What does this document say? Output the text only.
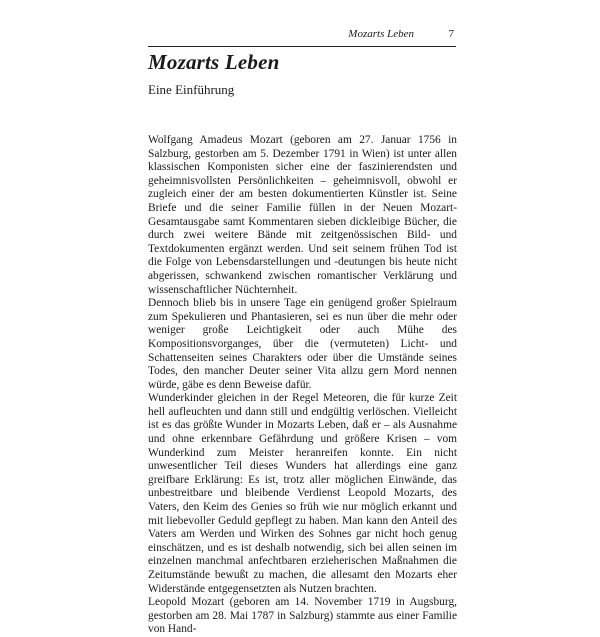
Mozarts Leben	7
Mozarts Leben
Eine Einführung

Wolfgang Amadeus Mozart (geboren am 27. Januar 1756 in Salzburg, gestorben am 5. Dezember 1791 in Wien) ist unter allen klassischen Komponisten sicher eine der faszinierendsten und geheimnisvollsten Persönlichkeiten – geheimnisvoll, obwohl er zugleich einer der am besten dokumentierten Künstler ist. Seine Briefe und die seiner Familie füllen in der Neuen Mozart-Gesamtausgabe samt Kommentaren sieben dickleibige Bücher, die durch zwei weitere Bände mit zeitgenössischen Bild- und Textdokumenten ergänzt werden. Und seit seinem frühen Tod ist die Folge von Lebensdarstellungen und -deutungen bis heute nicht abgerissen, schwankend zwischen romantischer Verklärung und wissenschaftlicher Nüchternheit.

Dennoch blieb bis in unsere Tage ein genügend großer Spielraum zum Spekulieren und Phantasieren, sei es nun über die mehr oder weniger große Leichtigkeit oder auch Mühe des Kompositionsvorganges, über die (vermuteten) Licht- und Schattenseiten seines Charakters oder über die Umstände seines Todes, den mancher Deuter seiner Vita allzu gern Mord nennen würde, gäbe es denn Beweise dafür.

Wunderkinder gleichen in der Regel Meteoren, die für kurze Zeit hell aufleuchten und dann still und endgültig verlöschen. Vielleicht ist es das größte Wunder in Mozarts Leben, daß er – als Ausnahme und ohne erkennbare Gefährdung und größere Krisen – vom Wunderkind zum Meister heranreifen konnte. Ein nicht unwesentlicher Teil dieses Wunders hat allerdings eine ganz greifbare Erklärung: Es ist, trotz aller möglichen Einwände, das unbestreitbare und bleibende Verdienst Leopold Mozarts, des Vaters, den Keim des Genies so früh wie nur möglich erkannt und mit liebevoller Geduld gepflegt zu haben. Man kann den Anteil des Vaters am Werden und Wirken des Sohnes gar nicht hoch genug einschätzen, und es ist deshalb notwendig, sich bei allen seinen im einzelnen manchmal anfechtbaren erzieherischen Maßnahmen die Zeitumstände bewußt zu machen, die allesamt den Mozarts eher Widerstände entgegensetzten als Nutzen brachten.

Leopold Mozart (geboren am 14. November 1719 in Augsburg, gestorben am 28. Mai 1787 in Salzburg) stammte aus einer Familie von Hand-
